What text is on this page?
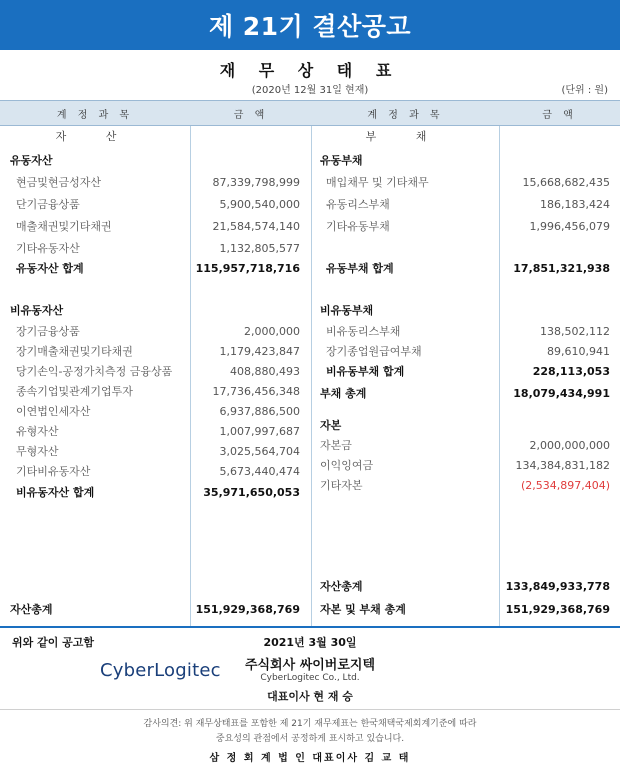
제 21기 결산공고
재 무 상 태 표
(2020년 12월 31일 현재)	(단위 : 원)
계 정 과 목	금 액	계 정 과 목	금 액
자 산
유동자산
현금및현금성자산	87,339,798,999
단기금융상품	5,900,540,000
매출채권및기타채권	21,584,574,140
기타유동자산	1,132,805,577
유동자산 합계	115,957,718,716
비유동자산
장기금융상품	2,000,000
장기매출채권및기타채권	1,179,423,847
당기손익-공정가치측정 금융상품	408,880,493
종속기업및관계기업투자	17,736,456,348
이연법인세자산	6,937,886,500
유형자산	1,007,997,687
무형자산	3,025,564,704
기타비유동자산	5,673,440,474
비유동자산 합계	35,971,650,053
자산총계	151,929,368,769
부 채
유동부채
매입채무 및 기타채무	15,668,682,435
유동리스부채	186,183,424
기타유동부채	1,996,456,079
유동부채 합계	17,851,321,938
비유동부채
비유동리스부채	138,502,112
장기종업원급여부채	89,610,941
비유동부채 합계	228,113,053
부채 총계	18,079,434,991
자본
자본금	2,000,000,000
이익잉여금	134,384,831,182
기타자본	(2,534,897,404)
자산총계	133,849,933,778
자본 및 부채 총계	151,929,368,769
위와 같이 공고함	2021년 3월 30일
CyberLogitec	주식회사 싸이버로지텍
CyberLogitec Co., Ltd.
대표이사 현 재 승
감사의견: 위 재무상태표를 포함한 제 21기 재무제표는 한국채택국제회계기준에 따라
중요성의 관점에서 공정하게 표시하고 있습니다.
삼 정 회 계 법 인 대표이사 김 교 태
